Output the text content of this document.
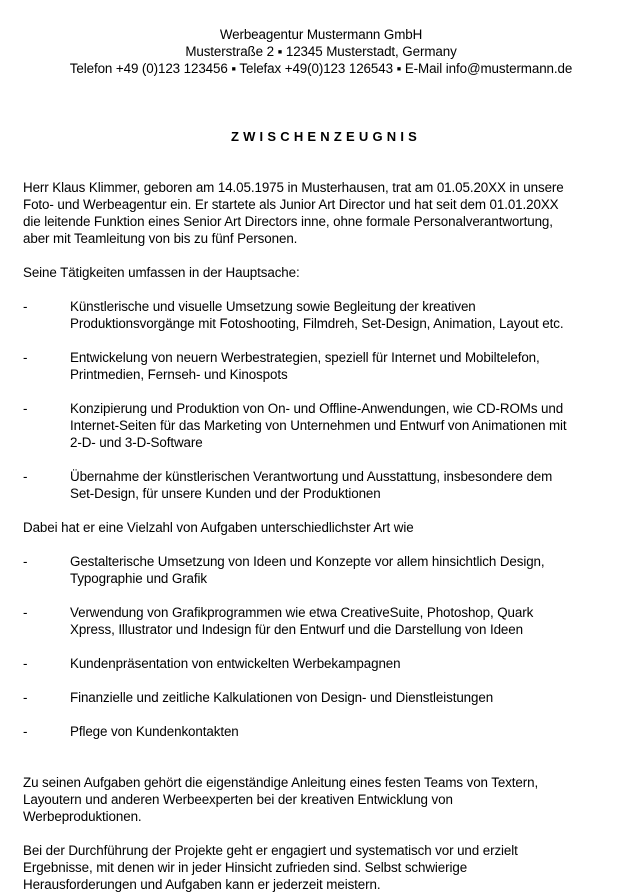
Werbeagentur Mustermann GmbH
Musterstraße 2 ▪ 12345 Musterstadt, Germany
Telefon +49 (0)123 123456 ▪ Telefax +49(0)123 126543 ▪ E-Mail info@mustermann.de
ZWISCHENZEUGNIS

Herr Klaus Klimmer, geboren am 14.05.1975 in Musterhausen, trat am 01.05.20XX in unsere

Foto- und Werbeagentur ein. Er startete als Junior Art Director und hat seit dem 01.01.20XX

die leitende Funktion eines Senior Art Directors inne, ohne formale Personalverantwortung,

aber mit Teamleitung von bis zu fünf Personen.

Seine Tätigkeiten umfassen in der Hauptsache:

-	Künstlerische und visuelle Umsetzung sowie Begleitung der kreativen

Produktionsvorgänge mit Fotoshooting, Filmdreh, Set-Design, Animation, Layout etc.

-	Entwickelung von neuern Werbestrategien, speziell für Internet und Mobiltelefon,

Printmedien, Fernseh- und Kinospots

-	Konzipierung und Produktion von On- und Offline-Anwendungen, wie CD-ROMs und

Internet-Seiten für das Marketing von Unternehmen und Entwurf von Animationen mit

2-D- und 3-D-Software

-	Übernahme der künstlerischen Verantwortung und Ausstattung, insbesondere dem

Set-Design, für unsere Kunden und der Produktionen

Dabei hat er eine Vielzahl von Aufgaben unterschiedlichster Art wie

-	Gestalterische Umsetzung von Ideen und Konzepte vor allem hinsichtlich Design,

Typographie und Grafik

-	Verwendung von Grafikprogrammen wie etwa CreativeSuite, Photoshop, Quark

Xpress, Illustrator und Indesign für den Entwurf und die Darstellung von Ideen

-	Kundenpräsentation von entwickelten Werbekampagnen

-	Finanzielle und zeitliche Kalkulationen von Design- und Dienstleistungen

-	Pflege von Kundenkontakten

Zu seinen Aufgaben gehört die eigenständige Anleitung eines festen Teams von Textern,

Layoutern und anderen Werbeexperten bei der kreativen Entwicklung von

Werbeproduktionen.

Bei der Durchführung der Projekte geht er engagiert und systematisch vor und erzielt

Ergebnisse, mit denen wir in jeder Hinsicht zufrieden sind. Selbst schwierige

Herausforderungen und Aufgaben kann er jederzeit meistern.
